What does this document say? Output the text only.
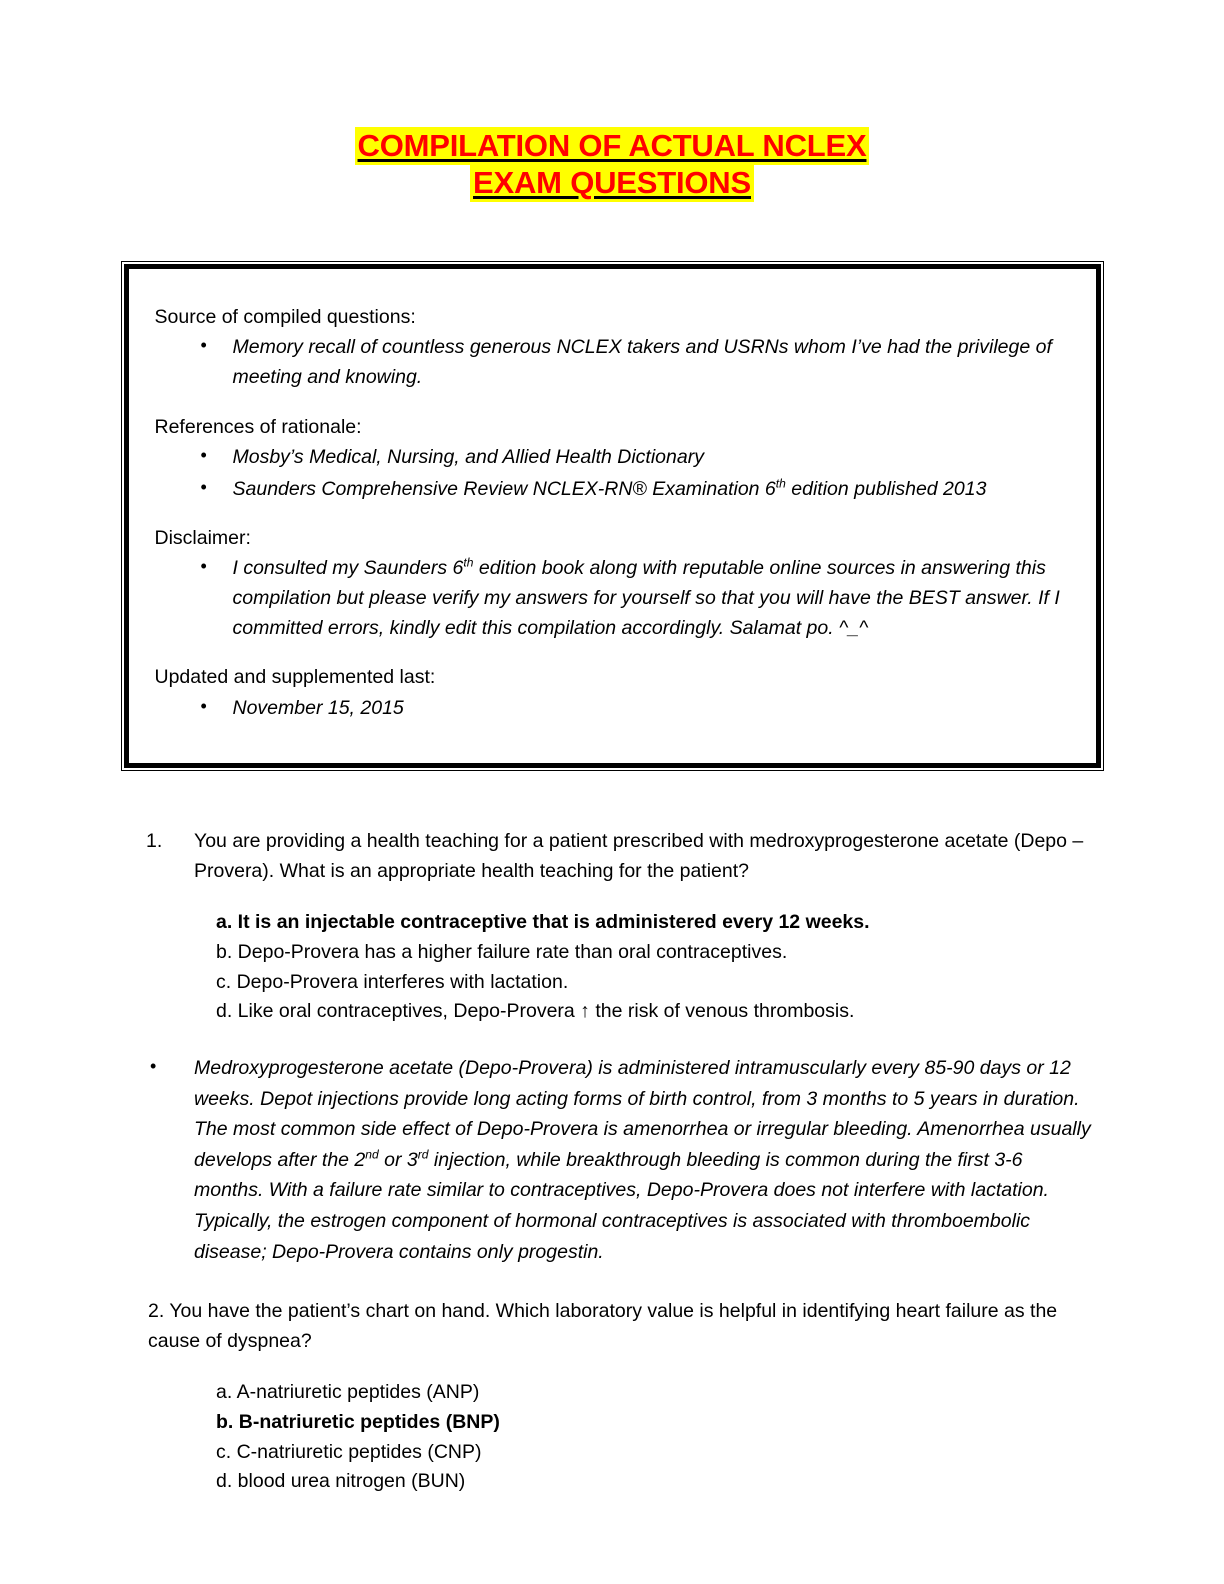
COMPILATION OF ACTUAL NCLEX
EXAM QUESTIONS

Source of compiled questions:

• Memory recall of countless generous NCLEX takers and USRNs whom I’ve had the privilege of meeting and knowing.

References of rationale:

• Mosby’s Medical, Nursing, and Allied Health Dictionary
• Saunders Comprehensive Review NCLEX-RN® Examination 6th edition published 2013

Disclaimer:

• I consulted my Saunders 6th edition book along with reputable online sources in answering this compilation but please verify my answers for yourself so that you will have the BEST answer. If I committed errors, kindly edit this compilation accordingly. Salamat po. ^_^

Updated and supplemented last:

• November 15, 2015
1. You are providing a health teaching for a patient prescribed with medroxyprogesterone acetate (Depo – Provera). What is an appropriate health teaching for the patient?
a. It is an injectable contraceptive that is administered every 12 weeks.
b. Depo-Provera has a higher failure rate than oral contraceptives.
c. Depo-Provera interferes with lactation.
d. Like oral contraceptives, Depo-Provera ↑ the risk of venous thrombosis.
• Medroxyprogesterone acetate (Depo-Provera) is administered intramuscularly every 85-90 days or 12 weeks. Depot injections provide long acting forms of birth control, from 3 months to 5 years in duration. The most common side effect of Depo-Provera is amenorrhea or irregular bleeding. Amenorrhea usually develops after the 2nd or 3rd injection, while breakthrough bleeding is common during the first 3-6 months. With a failure rate similar to contraceptives, Depo-Provera does not interfere with lactation. Typically, the estrogen component of hormonal contraceptives is associated with thromboembolic disease; Depo-Provera contains only progestin.
2. You have the patient’s chart on hand. Which laboratory value is helpful in identifying heart failure as the cause of dyspnea?
a. A-natriuretic peptides (ANP)
b. B-natriuretic peptides (BNP)
c. C-natriuretic peptides (CNP)
d. blood urea nitrogen (BUN)
